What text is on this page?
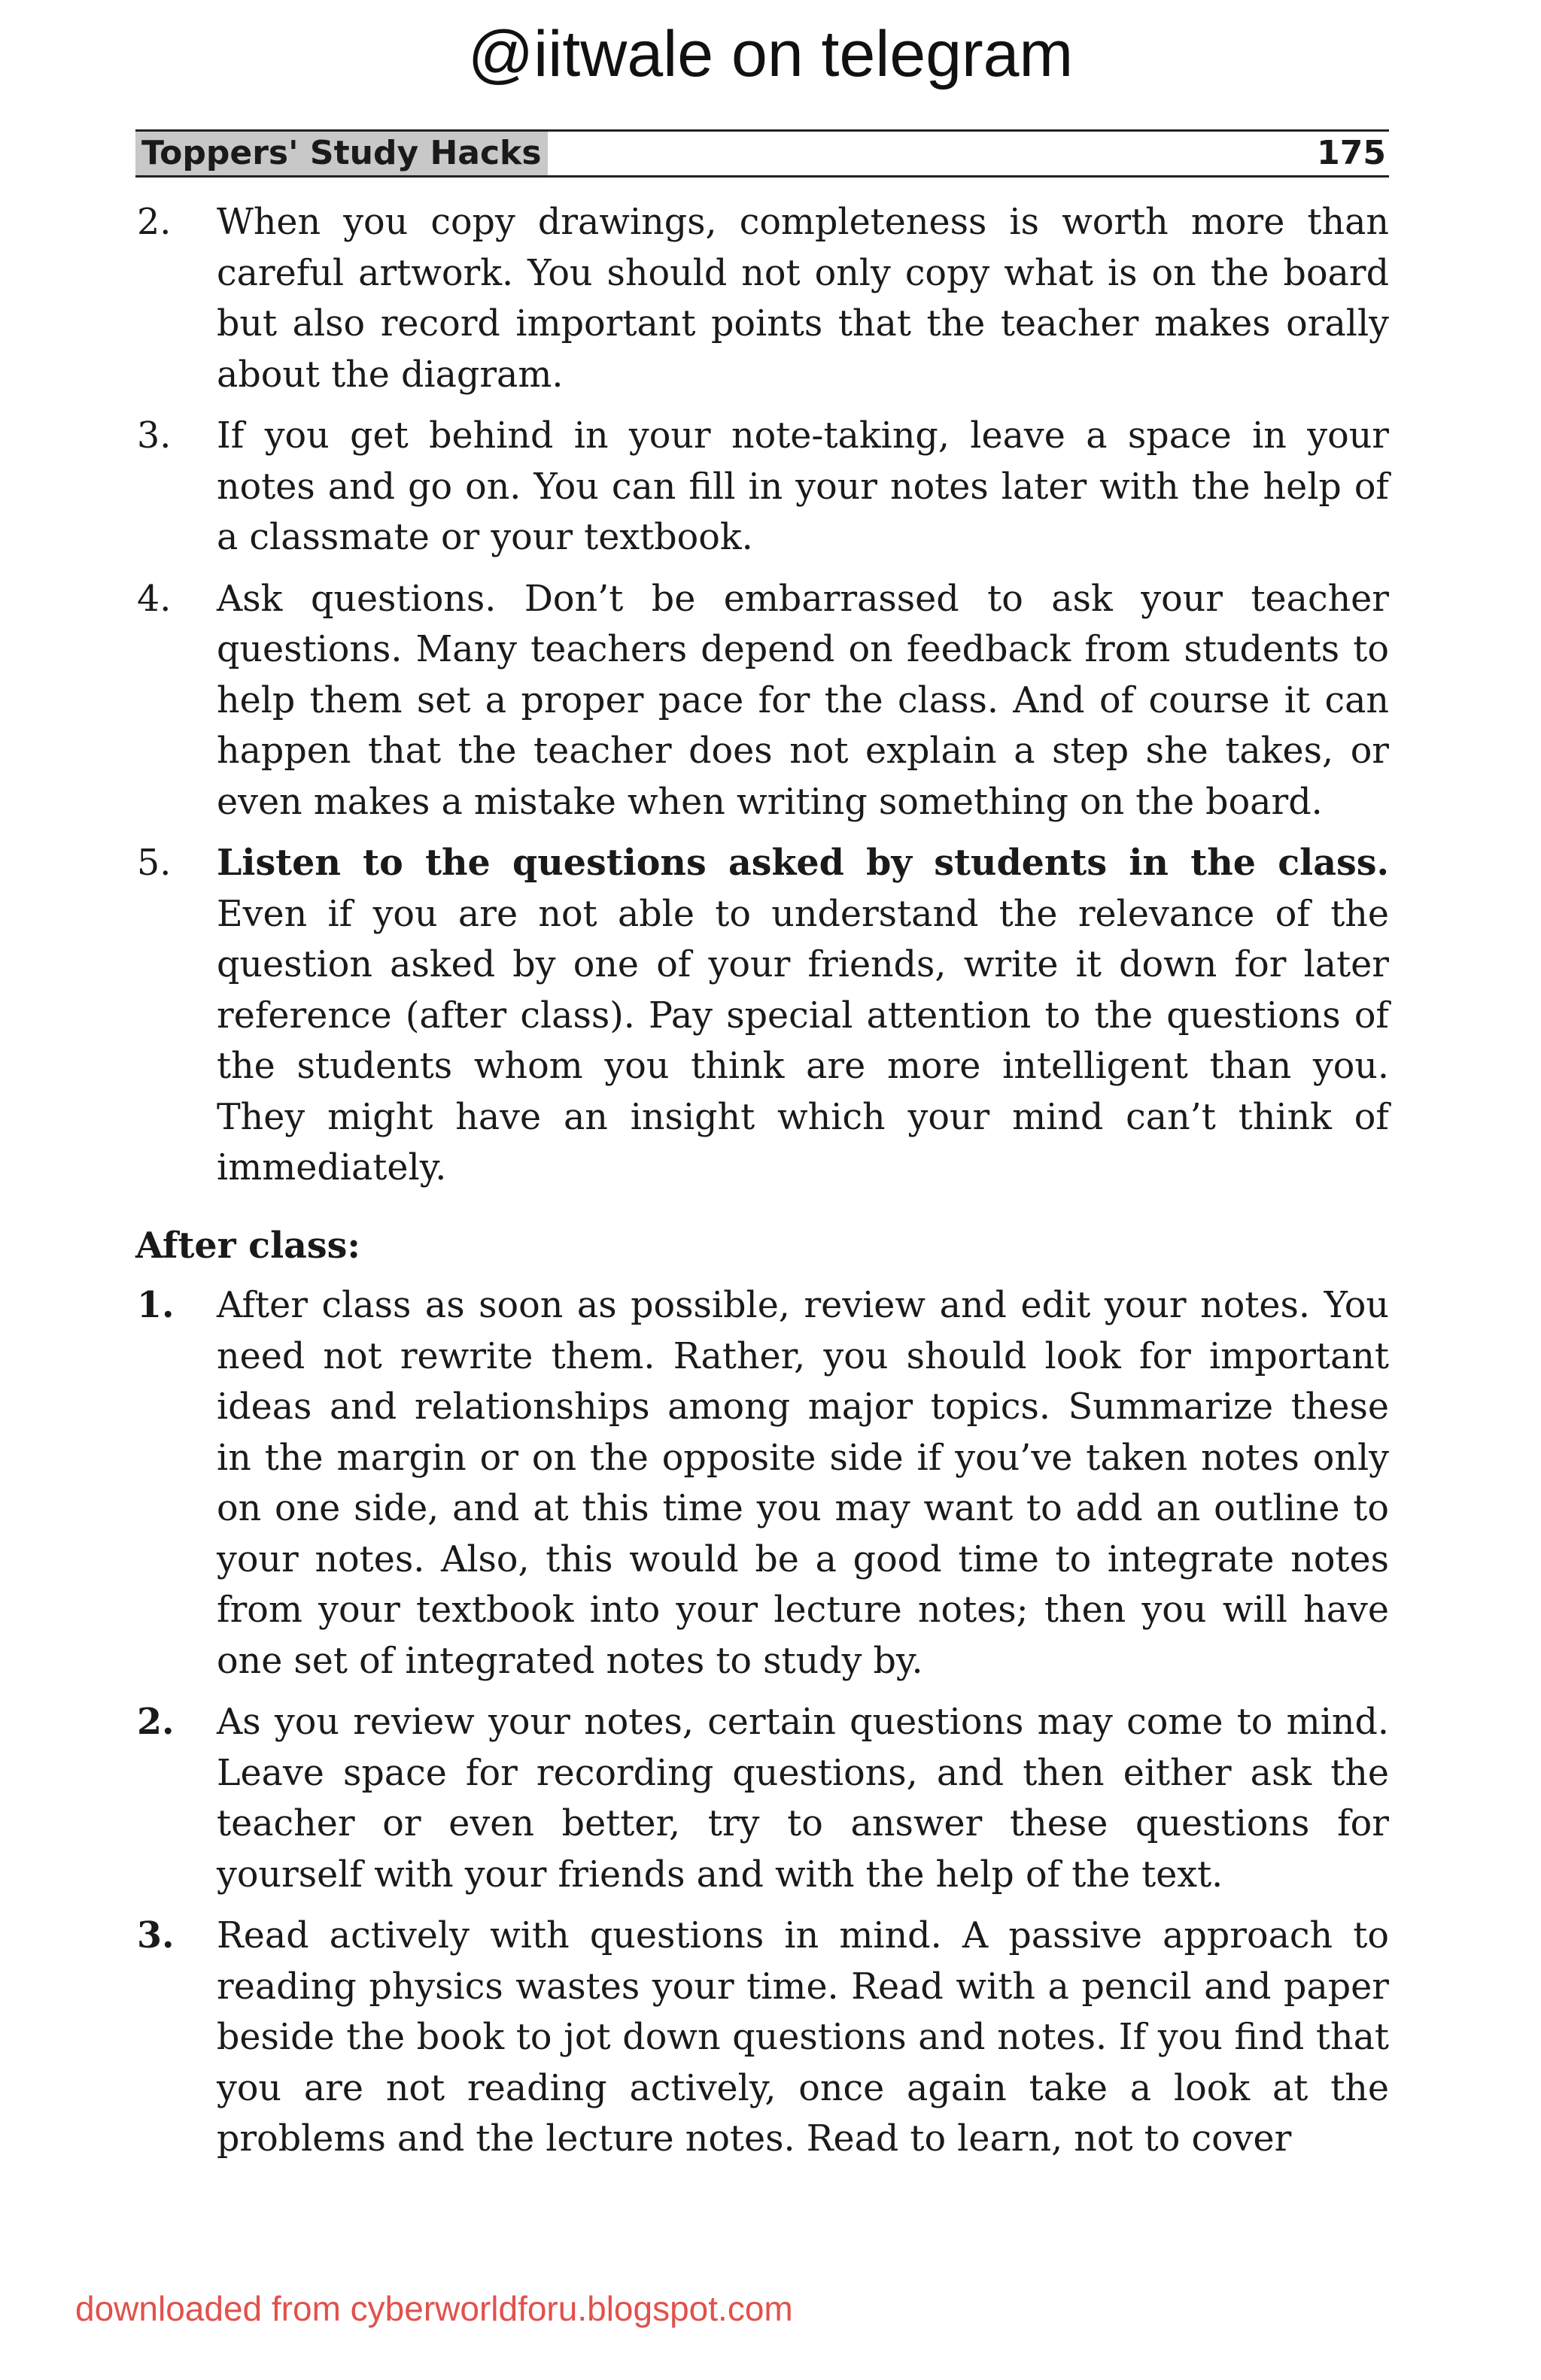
@iitwale on telegram
Toppers' Study Hacks	175
2. When you copy drawings, completeness is worth more than careful artwork. You should not only copy what is on the board but also record important points that the teacher makes orally about the diagram.
3. If you get behind in your note-taking, leave a space in your notes and go on. You can fill in your notes later with the help of a classmate or your textbook.
4. Ask questions. Don’t be embarrassed to ask your teacher questions. Many teachers depend on feedback from students to help them set a proper pace for the class. And of course it can happen that the teacher does not explain a step she takes, or even makes a mistake when writing something on the board.
5. Listen to the questions asked by students in the class. Even if you are not able to understand the relevance of the question asked by one of your friends, write it down for later reference (after class). Pay special attention to the questions of the students whom you think are more intelligent than you. They might have an insight which your mind can’t think of immediately.
After class:
1. After class as soon as possible, review and edit your notes. You need not rewrite them. Rather, you should look for important ideas and relationships among major topics. Summarize these in the margin or on the opposite side if you’ve taken notes only on one side, and at this time you may want to add an outline to your notes. Also, this would be a good time to integrate notes from your textbook into your lecture notes; then you will have one set of integrated notes to study by.
2. As you review your notes, certain questions may come to mind. Leave space for recording questions, and then either ask the teacher or even better, try to answer these questions for yourself with your friends and with the help of the text.
3. Read actively with questions in mind. A passive approach to reading physics wastes your time. Read with a pencil and paper beside the book to jot down questions and notes. If you find that you are not reading actively, once again take a look at the problems and the lecture notes. Read to learn, not to cover
downloaded from cyberworldforu.blogspot.com
